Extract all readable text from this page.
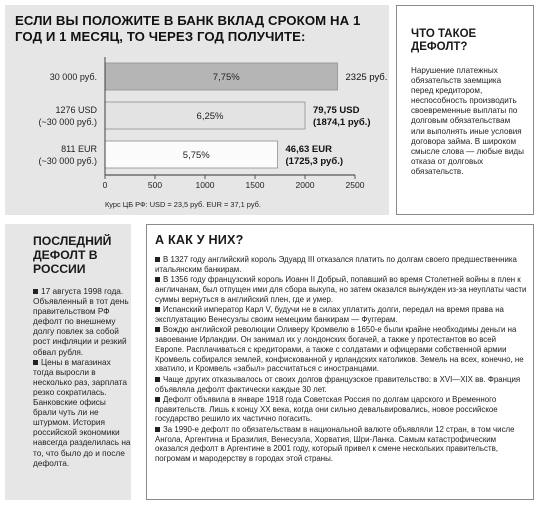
ЕСЛИ ВЫ ПОЛОЖИТЕ В БАНК ВКЛАД СРОКОМ НА 1 ГОД И 1 МЕСЯЦ, ТО ЧЕРЕЗ ГОД ПОЛУЧИТЕ:
7,75%
30 000 руб.	2325 руб.
6,25%
1276 USD
(~30 000 руб.)
79,75 USD
(1874,1 руб.)
5,75%
811 EUR
(~30 000 руб.)
46,63 EUR
(1725,3 руб.)
0	500	1000	1500	2000	2500
Курс ЦБ РФ: USD = 23,5 руб. EUR = 37,1 руб.
ЧТО ТАКОЕ ДЕФОЛТ?
Нарушение платежных обязательств заемщика перед кредитором, неспособность производить своевременные выплаты по долговым обязательствам или выполнять иные условия договора займа. В широком смысле слова — любые виды отказа от долговых обязательств.
ПОСЛЕДНИЙ ДЕФОЛТ В РОССИИ

17 августа 1998 года. Объявленный в тот день правительством РФ дефолт по внешнему долгу повлек за собой рост инфляции и резкий обвал рубля.

Цены в магазинах тогда выросли в несколько раз, зарплата резко сократилась. Банковские офисы брали чуть ли не штурмом. История российской экономики навсегда разделилась на то, что было до и после дефолта.

А КАК У НИХ?

В 1327 году английский король Эдуард III отказался платить по долгам своего предшественника итальянским банкирам.

В 1356 году французский король Иоанн II Добрый, попавший во время Столетней войны в плен к англичанам, был отпущен ими для сбора выкупа, но затем оказался вынужден из-за неуплаты части суммы вернуться в английский плен, где и умер.

Испанский император Карл V, будучи не в силах уплатить долги, передал на время права на эксплуатацию Венесуэлы своим немецким банкирам — Фуггерам.

Вождю английской революции Оливеру Кромвелю в 1650-е были крайне необходимы деньги на завоевание Ирландии. Он занимал их у лондонских богачей, а также у протестантов во всей Европе. Расплачиваться с кредиторами, а также с солдатами и офицерами собственной армии Кромвель собирался землей, конфискованной у ирландских католиков. Земель на всех, конечно, не хватило, и Кромвель «забыл» рассчитаться с иностранцами.

Чаще других отказывалось от своих долгов французское правительство: в XVI—XIX вв. Франция объявляла дефолт фактически каждые 30 лет.

Дефолт объявила в январе 1918 года Советская Россия по долгам царского и Временного правительств. Лишь к концу XX века, когда они сильно девальвировались, новое российское государство решило их частично погасить.

За 1990-е дефолт по обязательствам в национальной валюте объявляли 12 стран, в том числе Ангола, Аргентина и Бразилия, Венесуэла, Хорватия, Шри-Ланка. Самым катастрофическим оказался дефолт в Аргентине в 2001 году, который привел к смене нескольких правительств, погромам и мародерству в городах этой страны.
